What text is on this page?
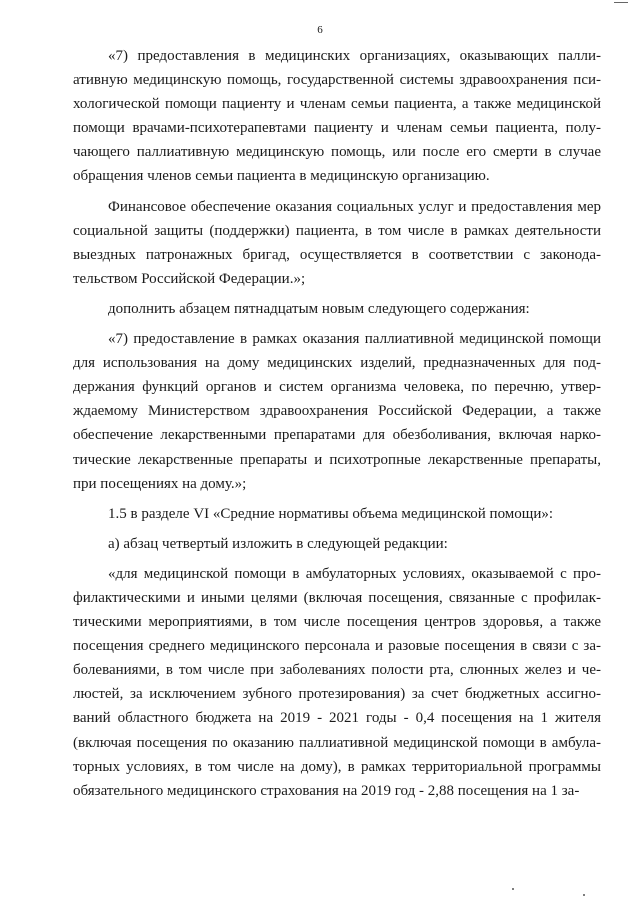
6

«7) предоставления в медицинских организациях, оказывающих паллиативную медицинскую помощь, государственной системы здравоохранения психологической помощи пациенту и членам семьи пациента, а также медицинской помощи врачами-психотерапевтами пациенту и членам семьи пациента, получающего паллиативную медицинскую помощь, или после его смерти в случае обращения членов семьи пациента в медицинскую организацию.

Финансовое обеспечение оказания социальных услуг и предоставления мер социальной защиты (поддержки) пациента, в том числе в рамках деятельности выездных патронажных бригад, осуществляется в соответствии с законодательством Российской Федерации.»;

дополнить абзацем пятнадцатым новым следующего содержания:

«7) предоставление в рамках оказания паллиативной медицинской помощи для использования на дому медицинских изделий, предназначенных для поддержания функций органов и систем организма человека, по перечню, утверждаемому Министерством здравоохранения Российской Федерации, а также обеспечение лекарственными препаратами для обезболивания, включая наркотические лекарственные препараты и психотропные лекарственные препараты, при посещениях на дому.»;

1.5 в разделе VI «Средние нормативы объема медицинской помощи»:

а) абзац четвертый изложить в следующей редакции:

«для медицинской помощи в амбулаторных условиях, оказываемой с профилактическими и иными целями (включая посещения, связанные с профилактическими мероприятиями, в том числе посещения центров здоровья, а также посещения среднего медицинского персонала и разовые посещения в связи с заболеваниями, в том числе при заболеваниях полости рта, слюнных желез и челюстей, за исключением зубного протезирования) за счет бюджетных ассигнований областного бюджета на 2019 - 2021 годы - 0,4 посещения на 1 жителя (включая посещения по оказанию паллиативной медицинской помощи в амбулаторных условиях, в том числе на дому), в рамках территориальной программы обязательного медицинского страхования на 2019 год - 2,88 посещения на 1 за-
